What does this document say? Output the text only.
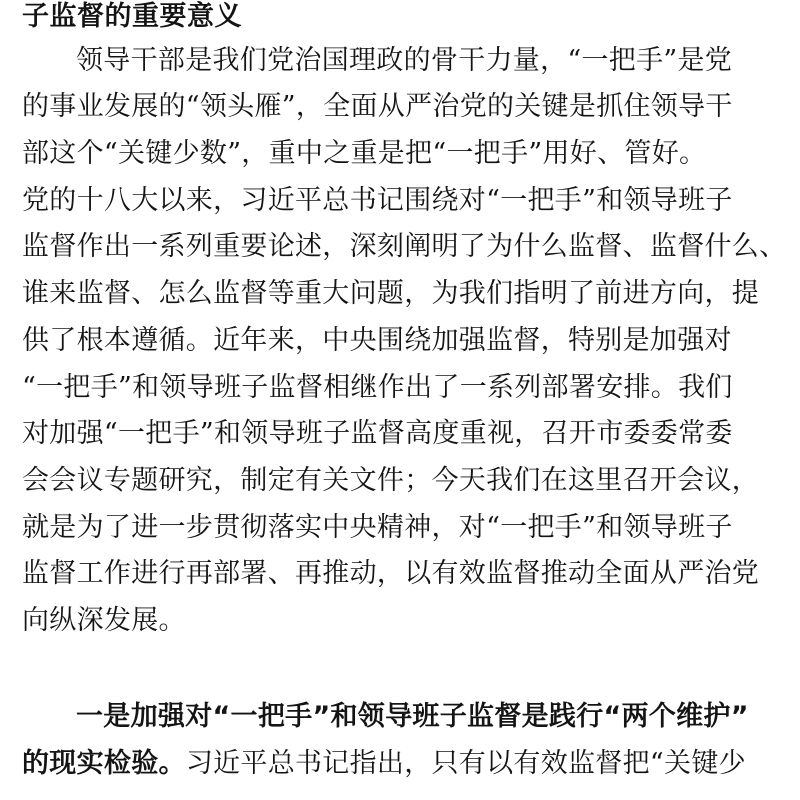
子监督的重要意义
领导干部是我们党治国理政的骨干力量，“一把手”是党
的事业发展的“领头雁”，全面从严治党的关键是抓住领导干
部这个“关键少数”，重中之重是把“一把手”用好、管好。
党的十八大以来，习近平总书记围绕对“一把手”和领导班子
监督作出一系列重要论述，深刻阐明了为什么监督、监督什么、
谁来监督、怎么监督等重大问题，为我们指明了前进方向，提
供了根本遵循。近年来，中央围绕加强监督，特别是加强对
“一把手”和领导班子监督相继作出了一系列部署安排。我们
对加强“一把手”和领导班子监督高度重视，召开市委委常委
会会议专题研究，制定有关文件；今天我们在这里召开会议，
就是为了进一步贯彻落实中央精神，对“一把手”和领导班子
监督工作进行再部署、再推动，以有效监督推动全面从严治党
向纵深发展。
一是加强对“一把手”和领导班子监督是践行“两个维护”
的现实检验。习近平总书记指出，只有以有效监督把“关键少
